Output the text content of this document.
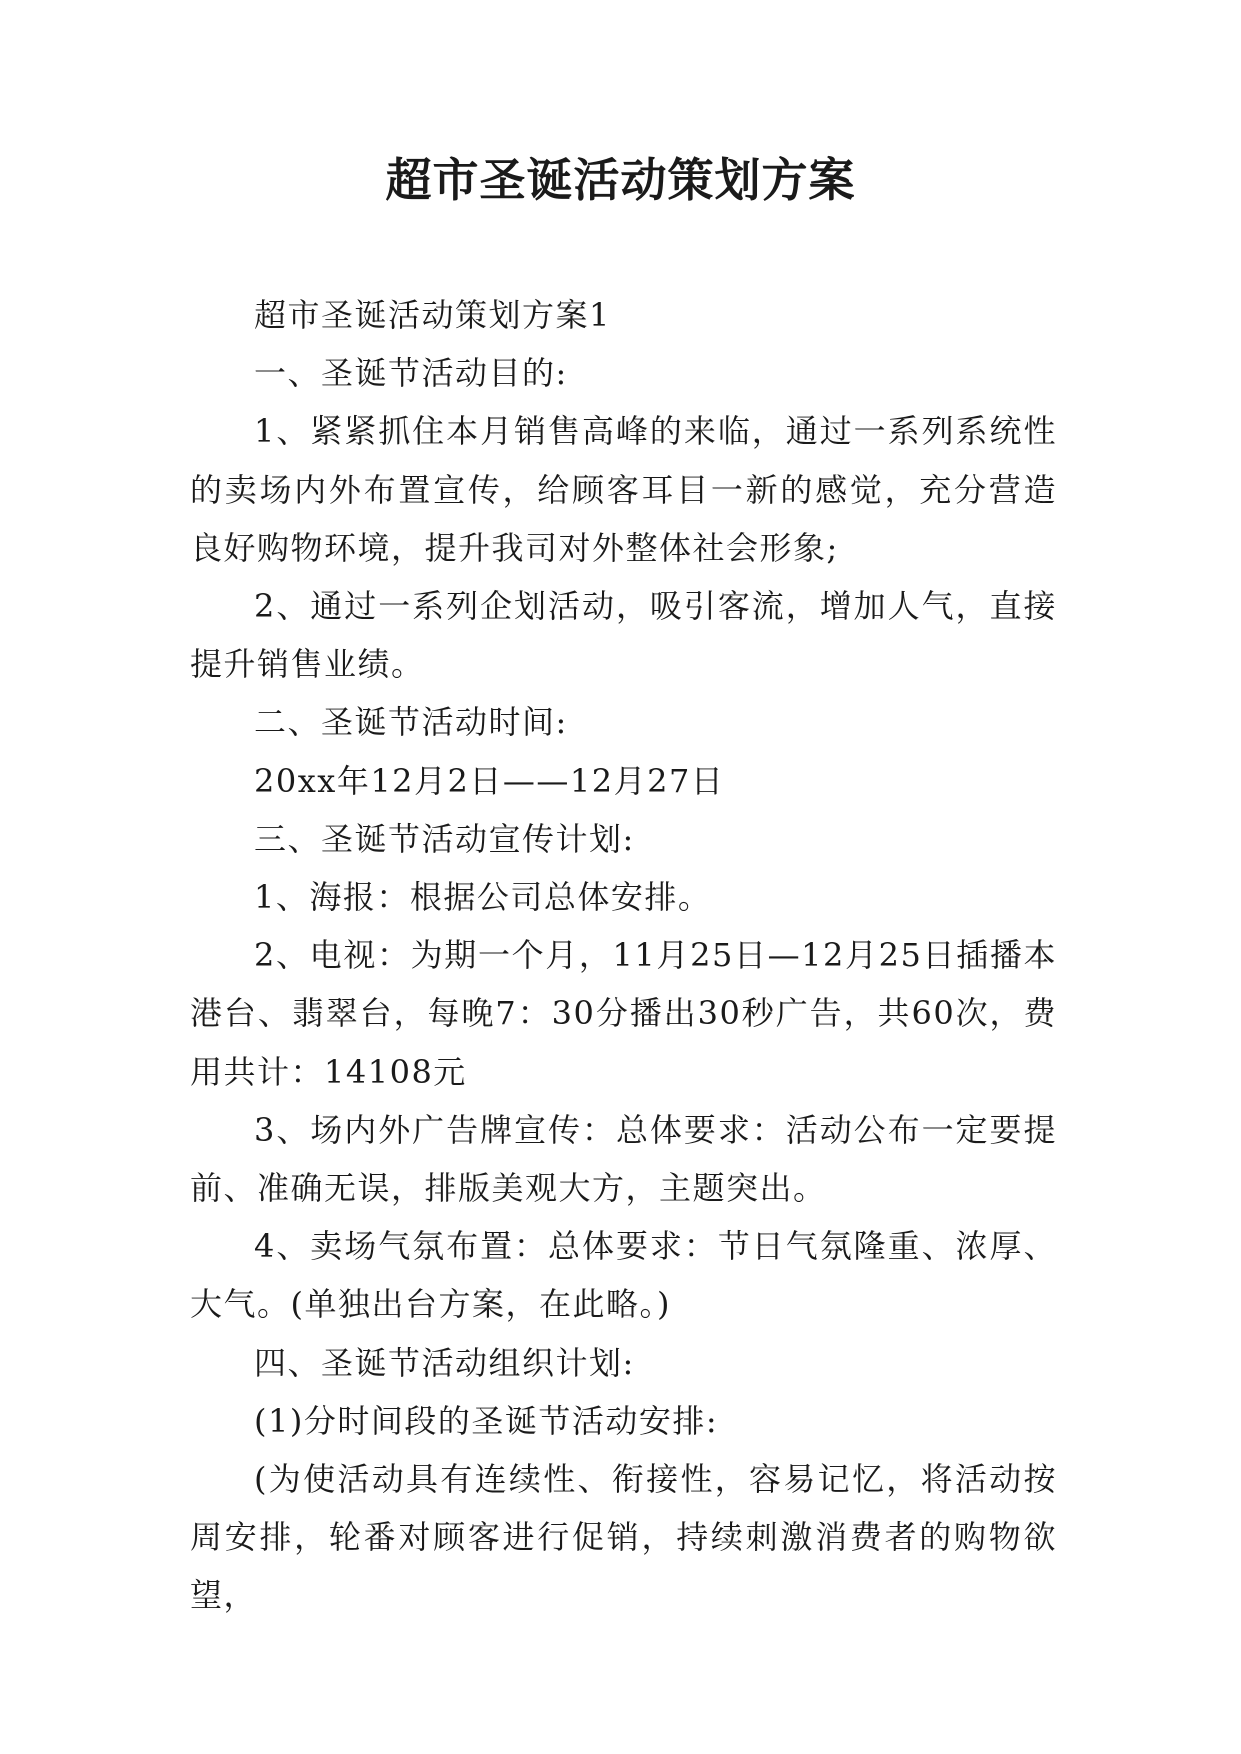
超市圣诞活动策划方案

超市圣诞活动策划方案1

一、圣诞节活动目的:

1、紧紧抓住本月销售高峰的来临，通过一系列系统性的卖场内外布置宣传，给顾客耳目一新的感觉，充分营造良好购物环境，提升我司对外整体社会形象;

2、通过一系列企划活动，吸引客流，增加人气，直接提升销售业绩。

二、圣诞节活动时间:

20xx年12月2日——12月27日

三、圣诞节活动宣传计划:

1、海报：根据公司总体安排。

2、电视：为期一个月，11月25日—12月25日插播本港台、翡翠台，每晚7：30分播出30秒广告，共60次，费用共计：14108元

3、场内外广告牌宣传：总体要求：活动公布一定要提前、准确无误，排版美观大方，主题突出。

4、卖场气氛布置：总体要求：节日气氛隆重、浓厚、大气。(单独出台方案，在此略。)

四、圣诞节活动组织计划:

(1)分时间段的圣诞节活动安排:

(为使活动具有连续性、衔接性，容易记忆，将活动按周安排，轮番对顾客进行促销，持续刺激消费者的购物欲望，
